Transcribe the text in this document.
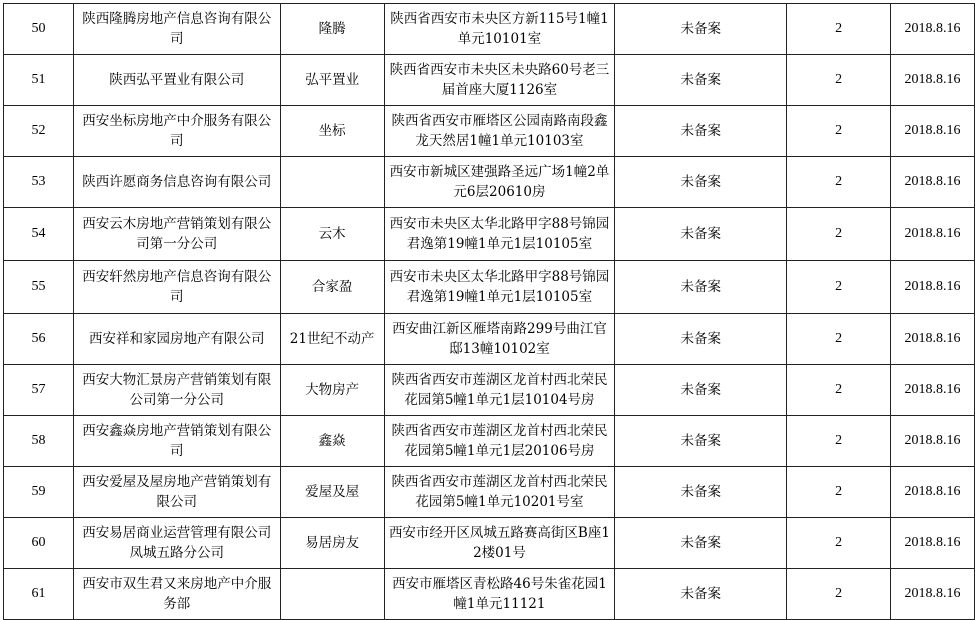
50	陕西隆腾房地产信息咨询有限公司	隆腾	陕西省西安市未央区方新115号1幢1单元10101室	未备案	2	2018.8.16
51	陕西弘平置业有限公司	弘平置业	陕西省西安市未央区未央路60号老三届首座大厦1126室	未备案	2	2018.8.16
52	西安坐标房地产中介服务有限公司	坐标	陕西省西安市雁塔区公园南路南段鑫龙天然居1幢1单元10103室	未备案	2	2018.8.16
53	陕西许愿商务信息咨询有限公司		西安市新城区建强路圣远广场1幢2单元6层20610房	未备案	2	2018.8.16
54	西安云木房地产营销策划有限公司第一分公司	云木	西安市未央区太华北路甲字88号锦园君逸第19幢1单元1层10105室	未备案	2	2018.8.16
55	西安轩然房地产信息咨询有限公司	合家盈	西安市未央区太华北路甲字88号锦园君逸第19幢1单元1层10105室	未备案	2	2018.8.16
56	西安祥和家园房地产有限公司	21世纪不动产	西安曲江新区雁塔南路299号曲江官邸13幢10102室	未备案	2	2018.8.16
57	西安大物汇景房产营销策划有限公司第一分公司	大物房产	陕西省西安市莲湖区龙首村西北荣民花园第5幢1单元1层10104号房	未备案	2	2018.8.16
58	西安鑫焱房地产营销策划有限公司	鑫焱	陕西省西安市莲湖区龙首村西北荣民花园第5幢1单元1层20106号房	未备案	2	2018.8.16
59	西安爱屋及屋房地产营销策划有限公司	爱屋及屋	陕西省西安市莲湖区龙首村西北荣民花园第5幢1单元10201号室	未备案	2	2018.8.16
60	西安易居商业运营管理有限公司凤城五路分公司	易居房友	西安市经开区凤城五路赛高街区B座12楼01号	未备案	2	2018.8.16
61	西安市双生君又来房地产中介服务部		西安市雁塔区青松路46号朱雀花园1幢1单元11121	未备案	2	2018.8.16
